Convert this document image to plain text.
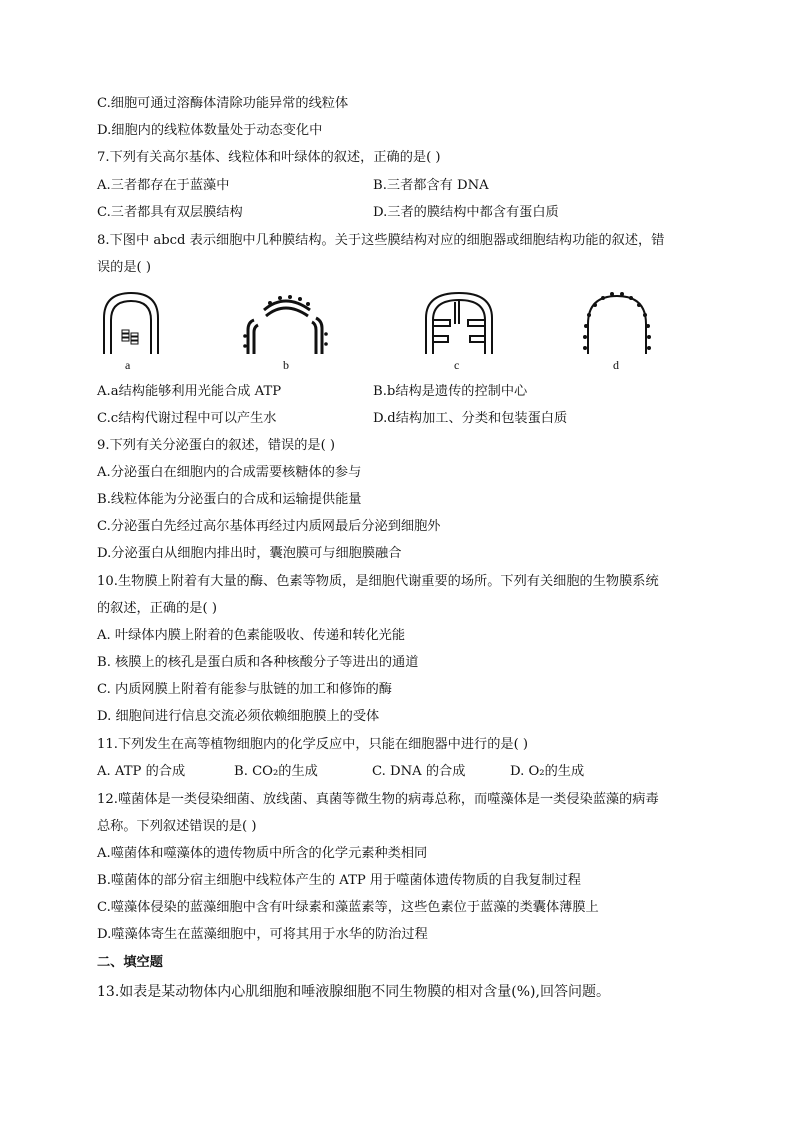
C.细胞可通过溶酶体清除功能异常的线粒体
D.细胞内的线粒体数量处于动态变化中
7.下列有关高尔基体、线粒体和叶绿体的叙述，正确的是( )
A.三者都存在于蓝藻中	B.三者都含有 DNA
C.三者都具有双层膜结构	D.三者的膜结构中都含有蛋白质
8.下图中 abcd 表示细胞中几种膜结构。关于这些膜结构对应的细胞器或细胞结构功能的叙述，错
误的是( )
a	b	c	d
A.a结构能够利用光能合成 ATP	B.b结构是遗传的控制中心
C.c结构代谢过程中可以产生水	D.d结构加工、分类和包装蛋白质
9.下列有关分泌蛋白的叙述，错误的是( )
A.分泌蛋白在细胞内的合成需要核糖体的参与
B.线粒体能为分泌蛋白的合成和运输提供能量
C.分泌蛋白先经过高尔基体再经过内质网最后分泌到细胞外
D.分泌蛋白从细胞内排出时，囊泡膜可与细胞膜融合
10.生物膜上附着有大量的酶、色素等物质，是细胞代谢重要的场所。下列有关细胞的生物膜系统
的叙述，正确的是( )
A. 叶绿体内膜上附着的色素能吸收、传递和转化光能
B. 核膜上的核孔是蛋白质和各种核酸分子等进出的通道
C. 内质网膜上附着有能参与肽链的加工和修饰的酶
D. 细胞间进行信息交流必须依赖细胞膜上的受体
11.下列发生在高等植物细胞内的化学反应中，只能在细胞器中进行的是( )
A. ATP 的合成	B. CO₂的生成	C. DNA 的合成	D. O₂的生成
12.噬菌体是一类侵染细菌、放线菌、真菌等微生物的病毒总称，而噬藻体是一类侵染蓝藻的病毒
总称。下列叙述错误的是( )
A.噬菌体和噬藻体的遗传物质中所含的化学元素种类相同
B.噬菌体的部分宿主细胞中线粒体产生的 ATP 用于噬菌体遗传物质的自我复制过程
C.噬藻体侵染的蓝藻细胞中含有叶绿素和藻蓝素等，这些色素位于蓝藻的类囊体薄膜上
D.噬藻体寄生在蓝藻细胞中，可将其用于水华的防治过程
二、填空题
13.如表是某动物体内心肌细胞和唾液腺细胞不同生物膜的相对含量(%),回答问题。
